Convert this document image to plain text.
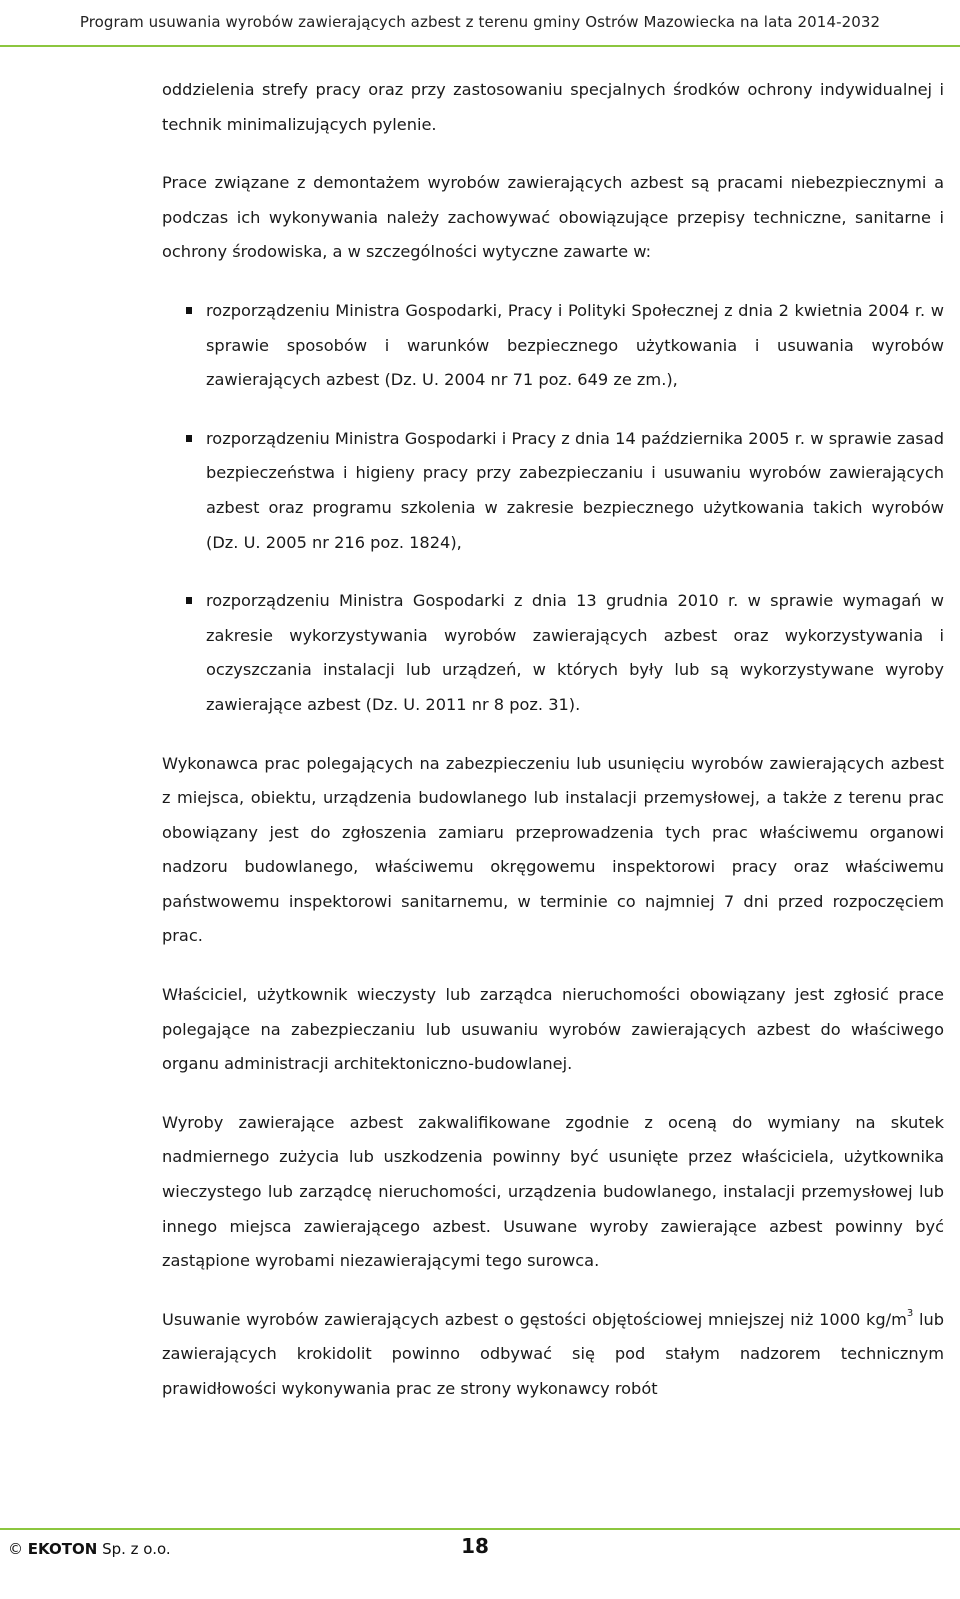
Program usuwania wyrobów zawierających azbest z terenu gminy Ostrów Mazowiecka na lata 2014-2032

oddzielenia strefy pracy oraz przy zastosowaniu specjalnych środków ochrony indywidualnej i technik minimalizujących pylenie.

Prace związane z demontażem wyrobów zawierających azbest są pracami niebezpiecznymi a podczas ich wykonywania należy zachowywać obowiązujące przepisy techniczne, sanitarne i ochrony środowiska, a w szczególności wytyczne zawarte w:

rozporządzeniu Ministra Gospodarki, Pracy i Polityki Społecznej z dnia 2 kwietnia 2004 r. w sprawie sposobów i warunków bezpiecznego użytkowania i usuwania wyrobów zawierających azbest (Dz. U. 2004 nr 71 poz. 649 ze zm.),
rozporządzeniu Ministra Gospodarki i Pracy z dnia 14 października 2005 r. w sprawie zasad bezpieczeństwa i higieny pracy przy zabezpieczaniu i usuwaniu wyrobów zawierających azbest oraz programu szkolenia w zakresie bezpiecznego użytkowania takich wyrobów (Dz. U. 2005 nr 216 poz. 1824),
rozporządzeniu Ministra Gospodarki z dnia 13 grudnia 2010 r. w sprawie wymagań w zakresie wykorzystywania wyrobów zawierających azbest oraz wykorzystywania i oczyszczania instalacji lub urządzeń, w których były lub są wykorzystywane wyroby zawierające azbest (Dz. U. 2011 nr 8 poz. 31).

Wykonawca prac polegających na zabezpieczeniu lub usunięciu wyrobów zawierających azbest z miejsca, obiektu, urządzenia budowlanego lub instalacji przemysłowej, a także z terenu prac obowiązany jest do zgłoszenia zamiaru przeprowadzenia tych prac właściwemu organowi nadzoru budowlanego, właściwemu okręgowemu inspektorowi pracy oraz właściwemu państwowemu inspektorowi sanitarnemu, w terminie co najmniej 7 dni przed rozpoczęciem prac.

Właściciel, użytkownik wieczysty lub zarządca nieruchomości obowiązany jest zgłosić prace polegające na zabezpieczaniu lub usuwaniu wyrobów zawierających azbest do właściwego organu administracji architektoniczno-budowlanej.

Wyroby zawierające azbest zakwalifikowane zgodnie z oceną do wymiany na skutek nadmiernego zużycia lub uszkodzenia powinny być usunięte przez właściciela, użytkownika wieczystego lub zarządcę nieruchomości, urządzenia budowlanego, instalacji przemysłowej lub innego miejsca zawierającego azbest. Usuwane wyroby zawierające azbest powinny być zastąpione wyrobami niezawierającymi tego surowca.

Usuwanie wyrobów zawierających azbest o gęstości objętościowej mniejszej niż 1000 $kg/m^3$ lub zawierających krokidolit powinno odbywać się pod stałym nadzorem technicznym prawidłowości wykonywania prac ze strony wykonawcy robót

© EKOTON Sp. z o.o.	18
